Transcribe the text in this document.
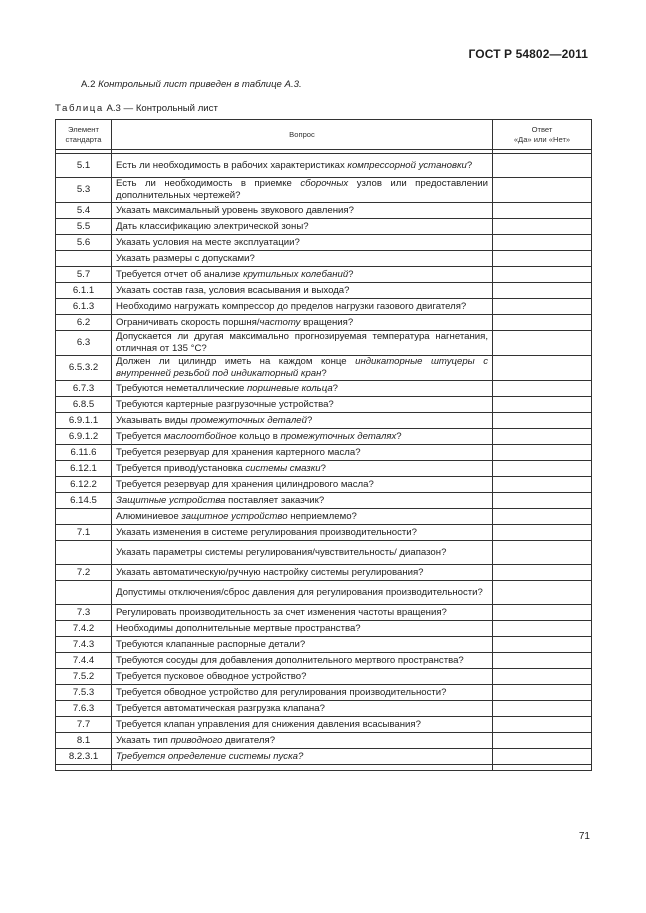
ГОСТ Р 54802—2011
А.2 Контрольный лист приведен в таблице А.3.
Таблица А.3 — Контрольный лист
Элемент
стандарта	Вопрос	Ответ
«Да» или «Нет»

5.1	Есть ли необходимость в рабочих характеристиках компрессорной установки?	
5.3	Есть ли необходимость в приемке сборочных узлов или предоставлении дополнительных чертежей?	
5.4	Указать максимальный уровень звукового давления?	
5.5	Дать классификацию электрической зоны?	
5.6	Указать условия на месте эксплуатации?	
	Указать размеры с допусками?	
5.7	Требуется отчет об анализе крутильных колебаний?	
6.1.1	Указать состав газа, условия всасывания и выхода?	
6.1.3	Необходимо нагружать компрессор до пределов нагрузки газового двигателя?	
6.2	Ограничивать скорость поршня/частоту вращения?	
6.3	Допускается ли другая максимально прогнозируемая температура нагнетания, отличная от 135 °С?	
6.5.3.2	Должен ли цилиндр иметь на каждом конце индикаторные штуцеры с внутренней резьбой под индикаторный кран?	
6.7.3	Требуются неметаллические поршневые кольца?	
6.8.5	Требуются картерные разгрузочные устройства?	
6.9.1.1	Указывать виды промежуточных деталей?	
6.9.1.2	Требуется маслоотбойное кольцо в промежуточных деталях?	
6.11.6	Требуется резервуар для хранения картерного масла?	
6.12.1	Требуется привод/установка системы смазки?	
6.12.2	Требуется резервуар для хранения цилиндрового масла?	
6.14.5	Защитные устройства поставляет заказчик?	
	Алюминиевое защитное устройство неприемлемо?	
7.1	Указать изменения в системе регулирования производительности?	
	Указать параметры системы регулирования/чувствительность/ диапазон?	
7.2	Указать автоматическую/ручную настройку системы регулирования?	
	Допустимы отключения/сброс давления для регулирования производительности?	
7.3	Регулировать производительность за счет изменения частоты вращения?	
7.4.2	Необходимы дополнительные мертвые пространства?	
7.4.3	Требуются клапанные распорные детали?	
7.4.4	Требуются сосуды для добавления дополнительного мертвого пространства?	
7.5.2	Требуется пусковое обводное устройство?	
7.5.3	Требуется обводное устройство для регулирования производительности?	
7.6.3	Требуется автоматическая разгрузка клапана?	
7.7	Требуется клапан управления для снижения давления всасывания?	
8.1	Указать тип приводного двигателя?	
8.2.3.1	Требуется определение системы пуска?	

71
